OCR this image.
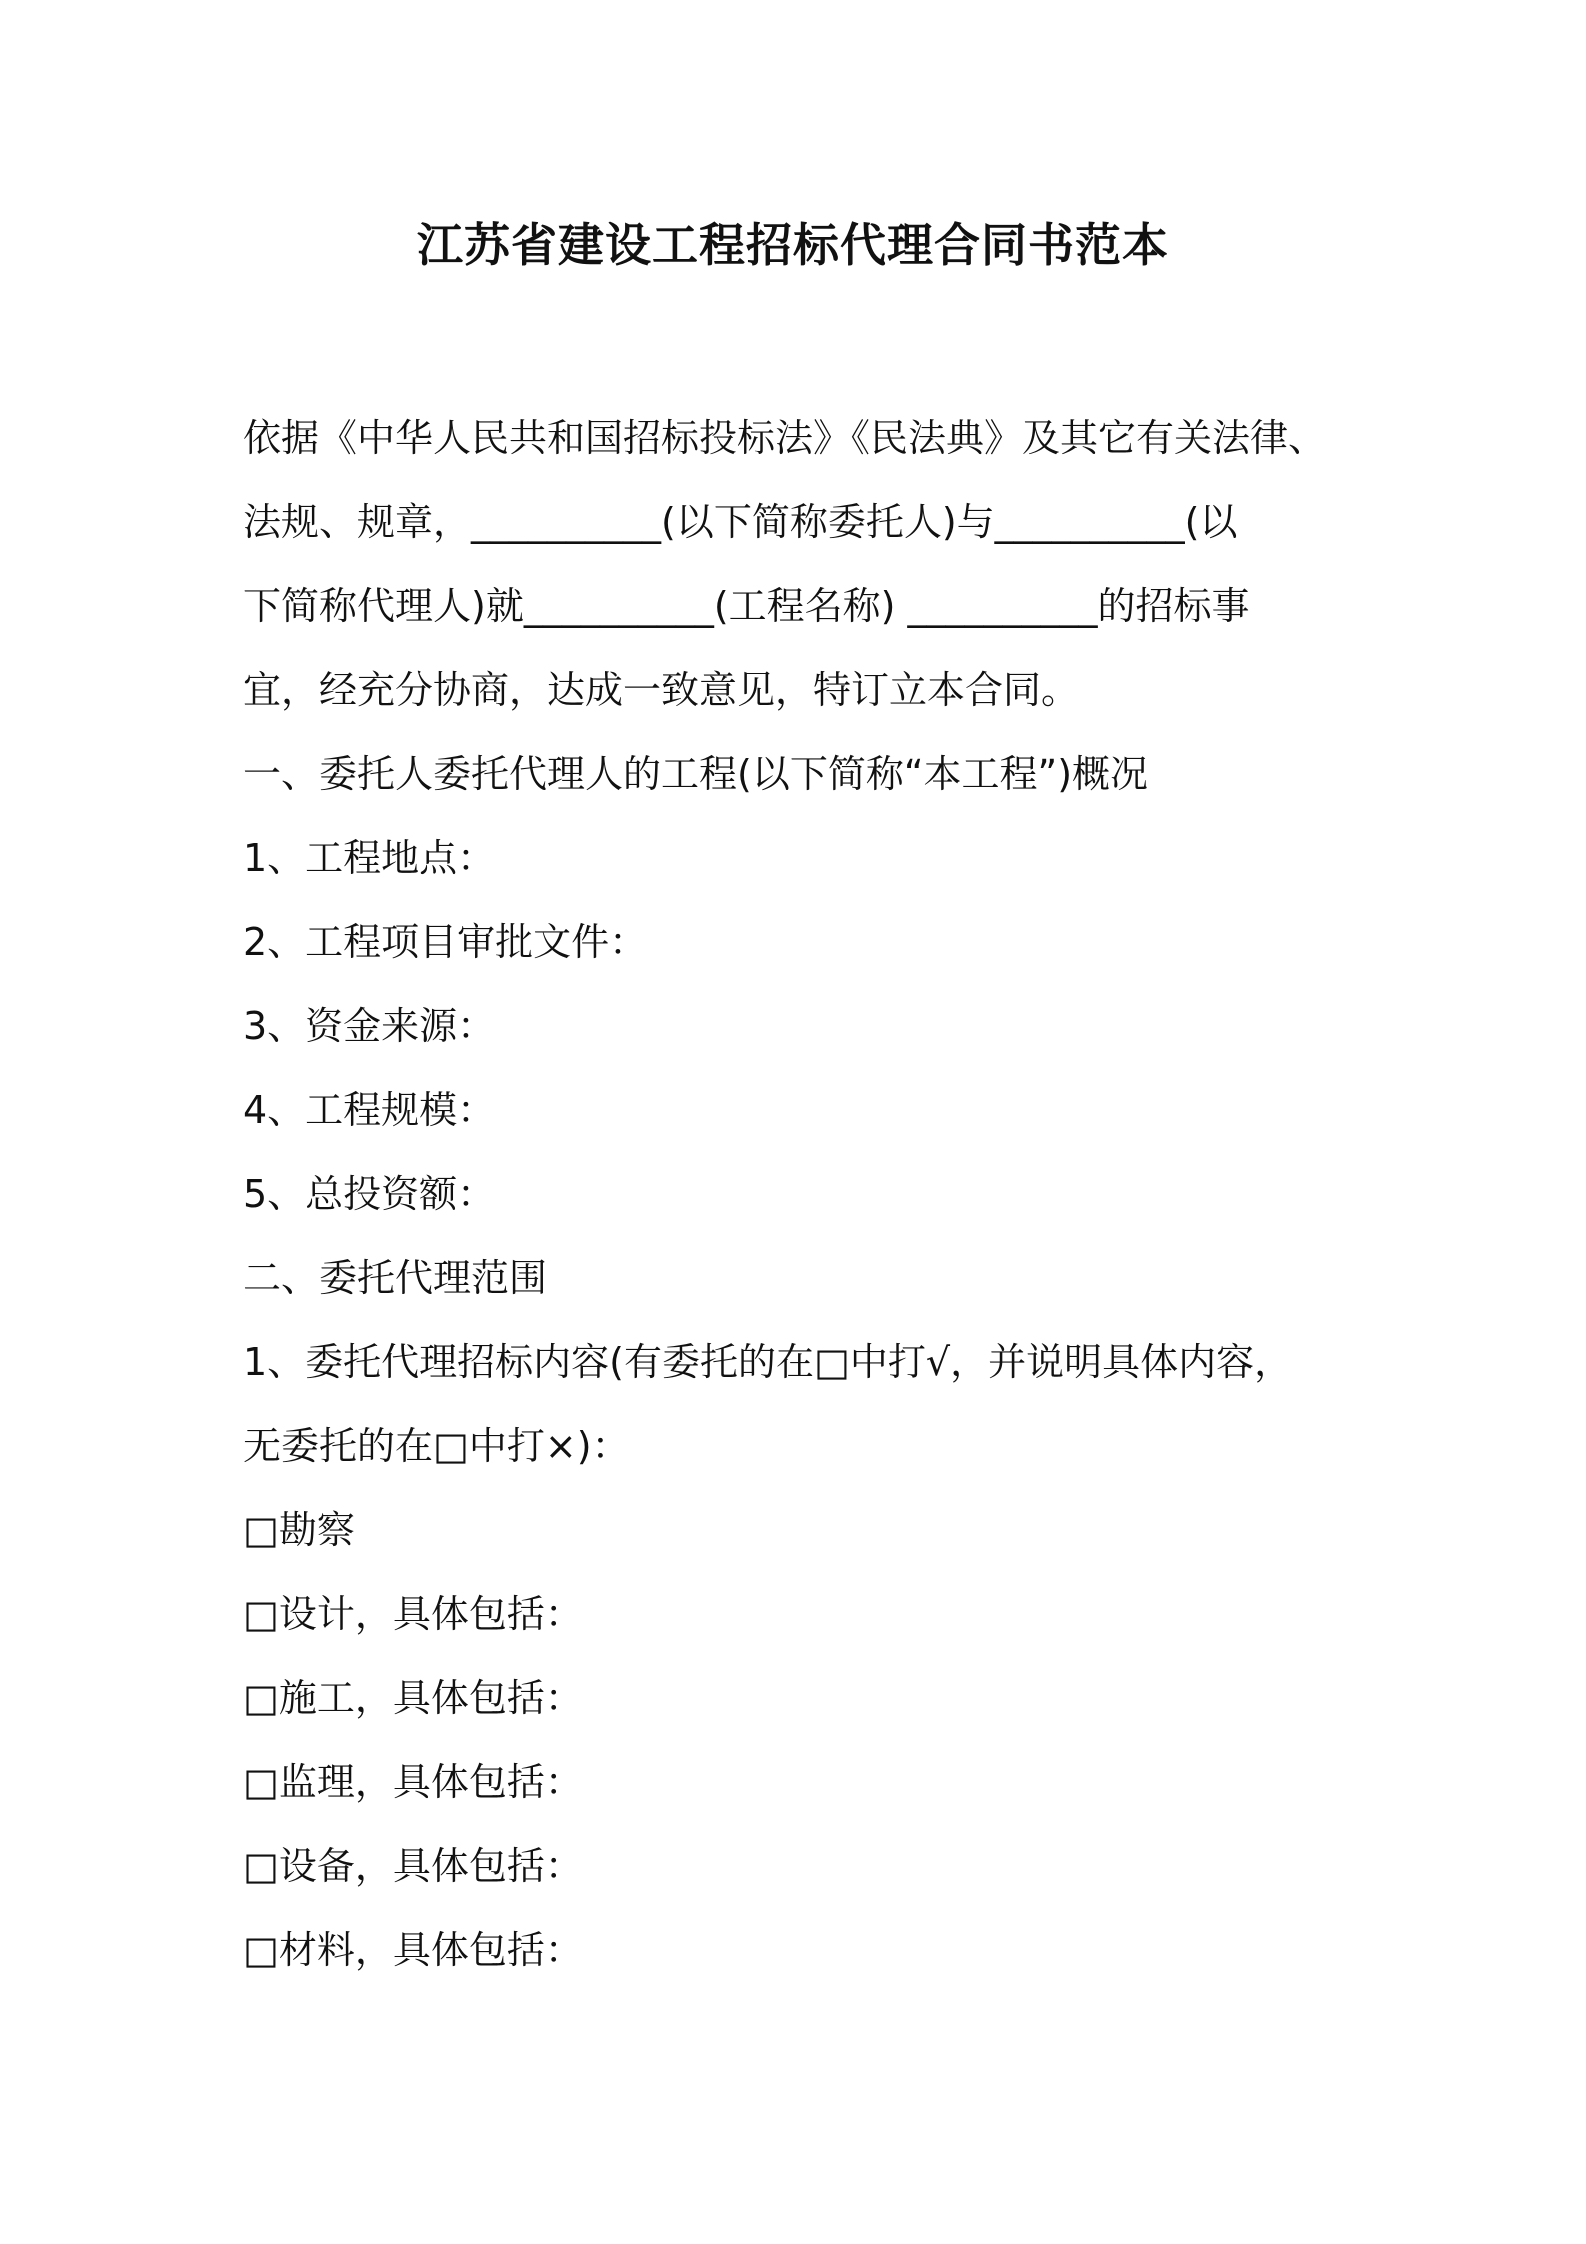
江苏省建设工程招标代理合同书范本
依据《中华人民共和国招标投标法》《民法典》及其它有关法律、
法规、规章，__________(以下简称委托人)与__________(以
下简称代理人)就__________(工程名称) __________的招标事
宜，经充分协商，达成一致意见，特订立本合同。
一、委托人委托代理人的工程(以下简称“本工程”)概况
1、工程地点：
2、工程项目审批文件：
3、资金来源：
4、工程规模：
5、总投资额：
二、委托代理范围
1、委托代理招标内容(有委托的在□中打√，并说明具体内容，
无委托的在□中打×)：
□勘察
□设计，具体包括：
□施工，具体包括：
□监理，具体包括：
□设备，具体包括：
□材料，具体包括：
